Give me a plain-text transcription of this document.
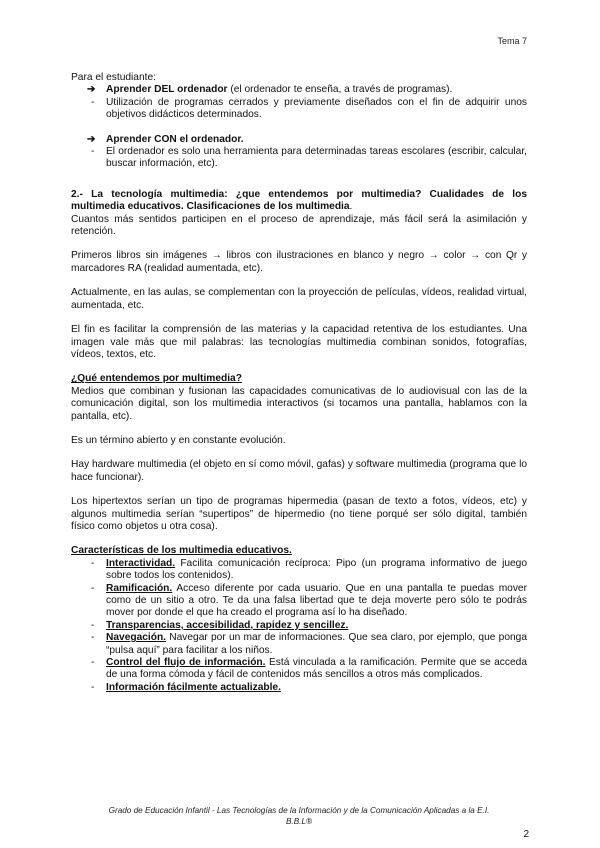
Tema 7

Para el estudiante:

➔ Aprender DEL ordenador (el ordenador te enseña, a través de programas).
- Utilización de programas cerrados y previamente diseñados con el fin de adquirir unos objetivos didácticos determinados.
➔ Aprender CON el ordenador.
- El ordenador es solo una herramienta para determinadas tareas escolares (escribir, calcular, buscar información, etc).

2.- La tecnología multimedia: ¿que entendemos por multimedia? Cualidades de los multimedia educativos. Clasificaciones de los multimedia.

Cuantos más sentidos participen en el proceso de aprendizaje, más fácil será la asimilación y retención.

Primeros libros sin imágenes → libros con ilustraciones en blanco y negro → color → con Qr y marcadores RA (realidad aumentada, etc).

Actualmente, en las aulas, se complementan con la proyección de películas, vídeos, realidad virtual, aumentada, etc.

El fin es facilitar la comprensión de las materias y la capacidad retentiva de los estudiantes. Una imagen vale más que mil palabras: las tecnologías multimedia combinan sonidos, fotografías, vídeos, textos, etc.

¿Qué entendemos por multimedia?

Medios que combinan y fusionan las capacidades comunicativas de lo audiovisual con las de la comunicación digital, son los multimedia interactivos (si tocamos una pantalla, hablamos con la pantalla, etc).

Es un término abierto y en constante evolución.

Hay hardware multimedia (el objeto en sí como móvil, gafas) y software multimedia (programa que lo hace funcionar).

Los hipertextos serían un tipo de programas hipermedia (pasan de texto a fotos, vídeos, etc) y algunos multimedia serían “supertipos” de hipermedio (no tiene porqué ser sólo digital, también físico como objetos u otra cosa).

Características de los multimedia educativos.

- Interactividad. Facilita comunicación recíproca: Pipo (un programa informativo de juego sobre todos los contenidos).
- Ramificación. Acceso diferente por cada usuario. Que en una pantalla te puedas mover como de un sitio a otro. Te da una falsa libertad que te deja moverte pero sólo te podrás mover por donde el que ha creado el programa así lo ha diseñado.
- Transparencias, accesibilidad, rapidez y sencillez.
- Navegación. Navegar por un mar de informaciones. Que sea claro, por ejemplo, que ponga “pulsa aquí” para facilitar a los niños.
- Control del flujo de información. Está vinculada a la ramificación. Permite que se acceda de una forma cómoda y fácil de contenidos más sencillos a otros más complicados.
- Información fácilmente actualizable.
Grado de Educación Infantil - Las Tecnologías de la Información y de la Comunicación Aplicadas a la E.I.
B.B.L®
2
